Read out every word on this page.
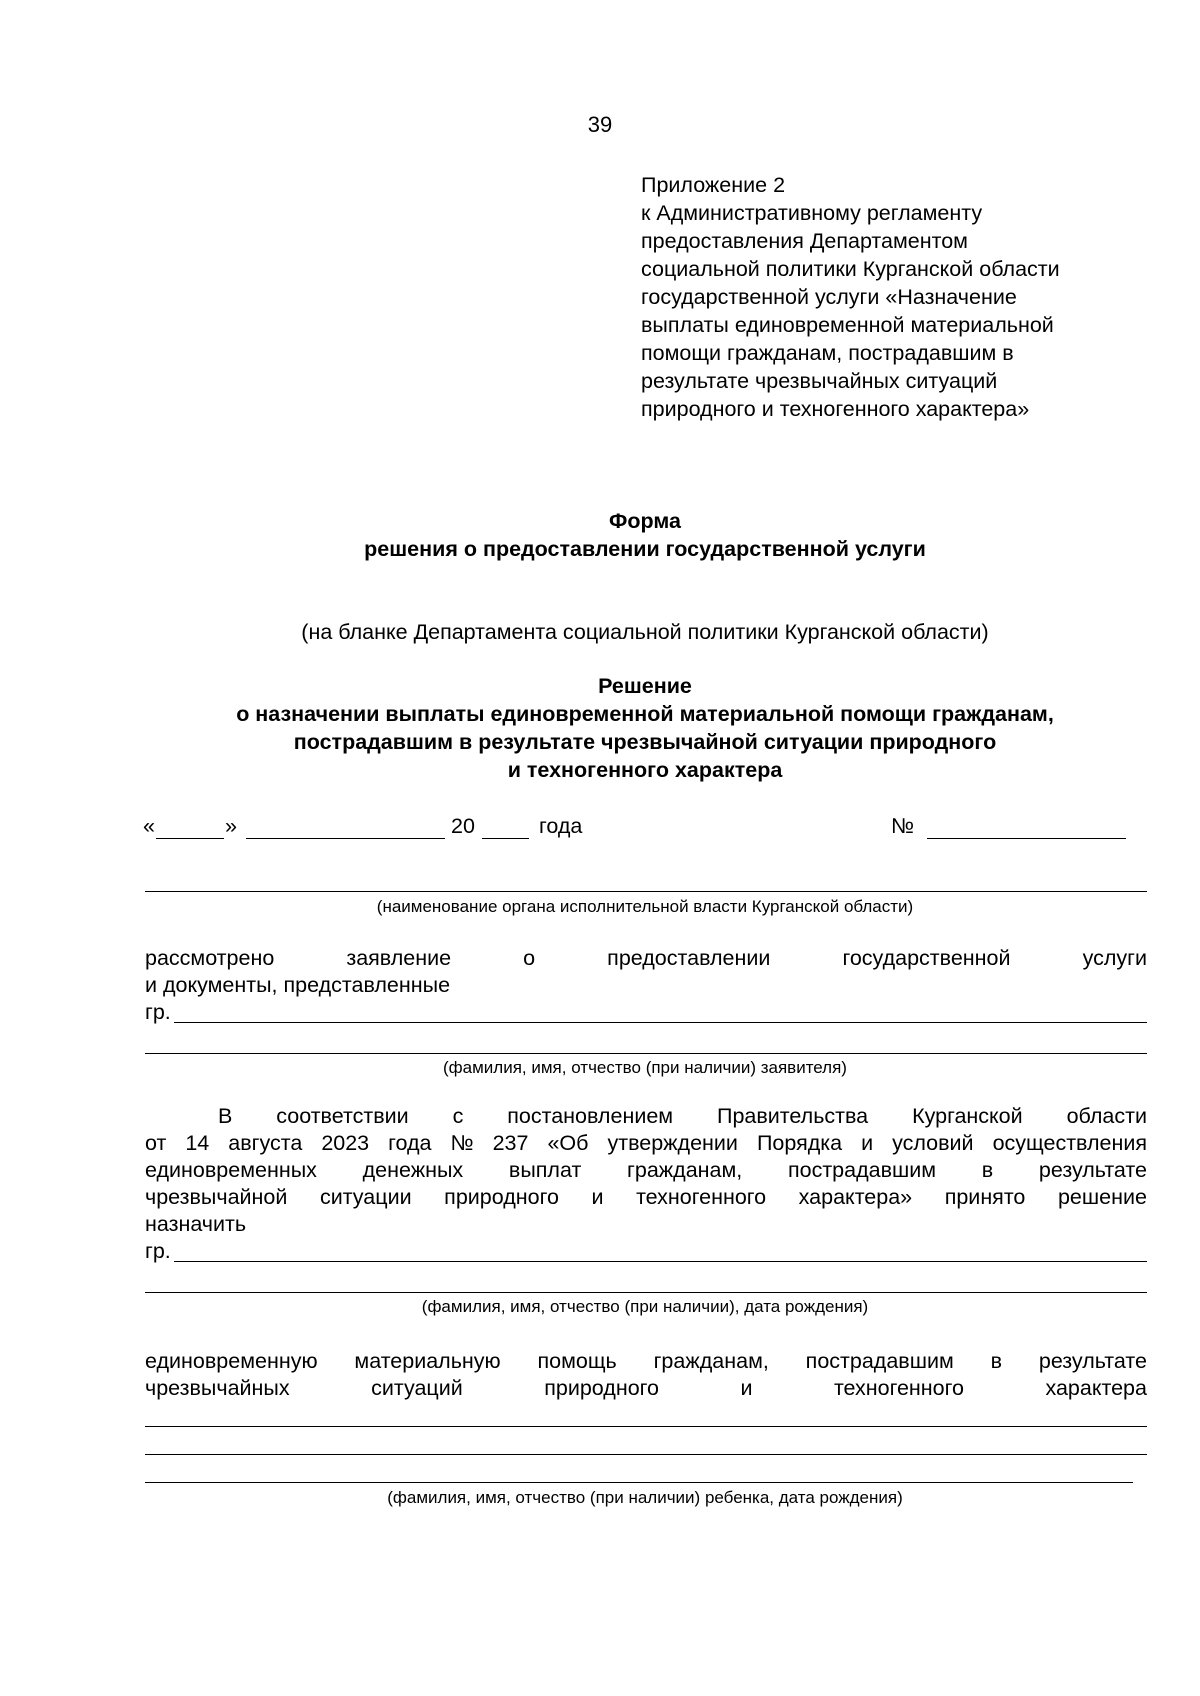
39
Приложение 2
к Административному регламенту
предоставления Департаментом
социальной политики Курганской области
государственной услуги «Назначение
выплаты единовременной материальной
помощи гражданам, пострадавшим в
результате чрезвычайных ситуаций
природного и техногенного характера»
Форма
решения о предоставлении государственной услуги
(на бланке Департамента социальной политики Курганской области)
Решение
о назначении выплаты единовременной материальной помощи гражданам,
пострадавшим в результате чрезвычайной ситуации природного
и техногенного характера
«	»	20	года	№
(наименование органа исполнительной власти Курганской области)
рассмотрено	заявление	о	предоставлении	государственной	услуги
и документы, представленные
гр.
(фамилия, имя, отчество (при наличии) заявителя)
В соответствии с постановлением Правительства Курганской области
от 14 августа 2023 года № 237 «Об утверждении Порядка и условий осуществления
единовременных денежных выплат гражданам, пострадавшим в результате
чрезвычайной ситуации природного и техногенного характера» принято решение
назначить
гр.
(фамилия, имя, отчество (при наличии), дата рождения)
единовременную материальную помощь гражданам, пострадавшим в результате
чрезвычайных	ситуаций	природного	и	техногенного	характера
(фамилия, имя, отчество (при наличии) ребенка, дата рождения)
